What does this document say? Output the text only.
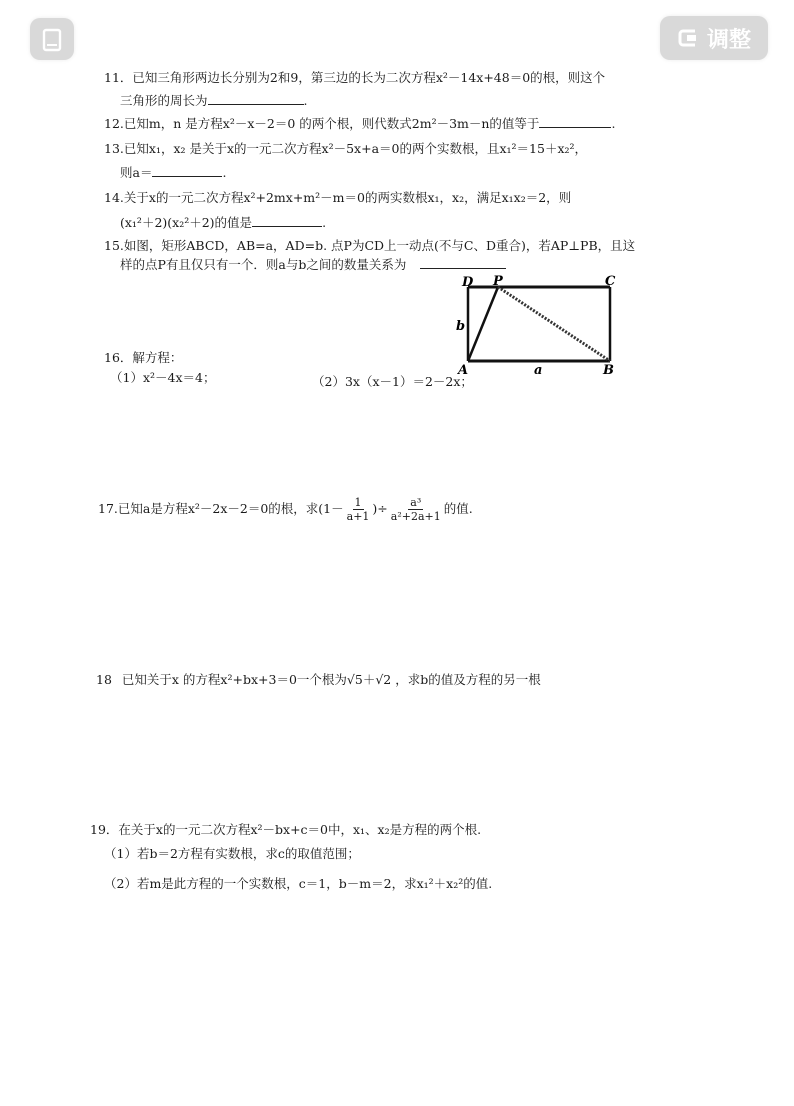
调整
11．已知三角形两边长分别为2和9，第三边的长为二次方程x²－14x+48＝0的根，则这个
三角形的周长为	.
12.已知m，n 是方程x²－x－2＝0 的两个根，则代数式2m²－3m－n的值等于	.
13.已知x₁，x₂ 是关于x的一元二次方程x²－5x+a＝0的两个实数根，且x₁²＝15＋x₂²，
则a＝	.
14.关于x的一元二次方程x²+2mx+m²－m＝0的两实数根x₁，x₂，满足x₁x₂＝2，则
(x₁²＋2)(x₂²＋2)的值是	.
15.如图，矩形ABCD，AB=a，AD=b. 点P为CD上一动点(不与C、D重合)，若AP⊥PB，且这
样的点P有且仅只有一个．则a与b之间的数量关系为
D P	C
A	B
a
b
16．解方程：
（1）x²－4x＝4；	（2）3x（x－1）＝2－2x；
17.已知a是方程x²－2x－2＝0的根，求($1- \frac{1}{a+1}$ )÷ $\frac{\text{a³}}{\text{a²+2a+1}}$ 的值.
18 已知关于x 的方程x²+bx+3＝0一个根为√5＋√2 ，求b的值及方程的另一根
19．在关于x的一元二次方程x²－bx+c＝0中，x₁、x₂是方程的两个根.
（1）若b＝2方程有实数根，求c的取值范围；
（2）若m是此方程的一个实数根，c＝1，b－m＝2，求x₁²＋x₂²的值.
